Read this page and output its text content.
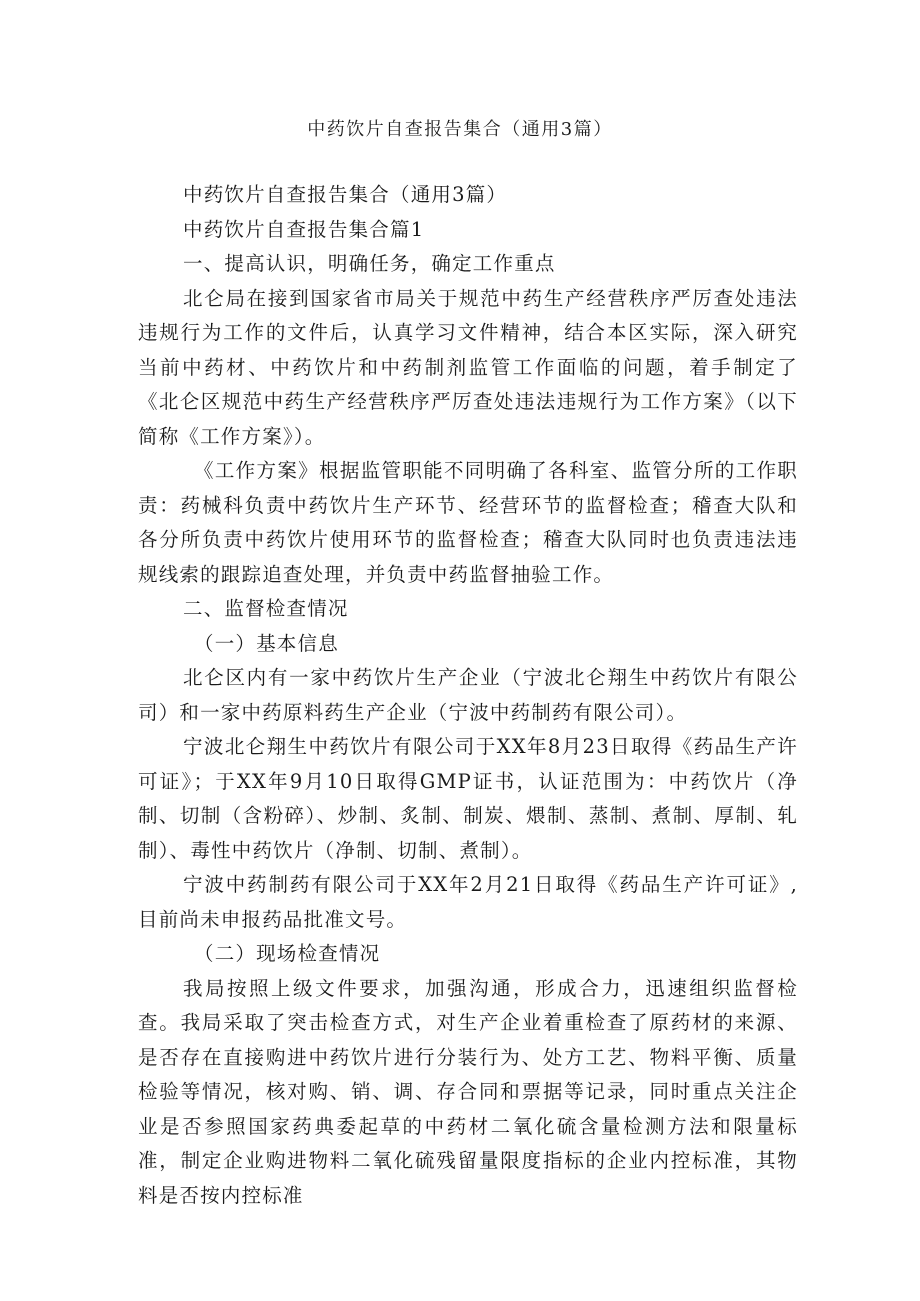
中药饮片自查报告集合（通用3篇）

中药饮片自查报告集合（通用3篇）

中药饮片自查报告集合篇1

一、提高认识，明确任务，确定工作重点

北仑局在接到国家省市局关于规范中药生产经营秩序严厉查处违法违规行为工作的文件后，认真学习文件精神，结合本区实际，深入研究当前中药材、中药饮片和中药制剂监管工作面临的问题，着手制定了《北仑区规范中药生产经营秩序严厉查处违法违规行为工作方案》（以下简称《工作方案》）。

《工作方案》根据监管职能不同明确了各科室、监管分所的工作职责：药械科负责中药饮片生产环节、经营环节的监督检查；稽查大队和各分所负责中药饮片使用环节的监督检查；稽查大队同时也负责违法违规线索的跟踪追查处理，并负责中药监督抽验工作。

二、监督检查情况

（一）基本信息

北仑区内有一家中药饮片生产企业（宁波北仑翔生中药饮片有限公司）和一家中药原料药生产企业（宁波中药制药有限公司）。

宁波北仑翔生中药饮片有限公司于XX年8月23日取得《药品生产许可证》；于XX年9月10日取得GMP证书，认证范围为：中药饮片（净制、切制（含粉碎）、炒制、炙制、制炭、煨制、蒸制、煮制、厚制、轧制）、毒性中药饮片（净制、切制、煮制）。

宁波中药制药有限公司于XX年2月21日取得《药品生产许可证》,目前尚未申报药品批准文号。

（二）现场检查情况

我局按照上级文件要求，加强沟通，形成合力，迅速组织监督检查。我局采取了突击检查方式，对生产企业着重检查了原药材的来源、是否存在直接购进中药饮片进行分装行为、处方工艺、物料平衡、质量检验等情况，核对购、销、调、存合同和票据等记录，同时重点关注企业是否参照国家药典委起草的中药材二氧化硫含量检测方法和限量标准，制定企业购进物料二氧化硫残留量限度指标的企业内控标准，其物料是否按内控标准
